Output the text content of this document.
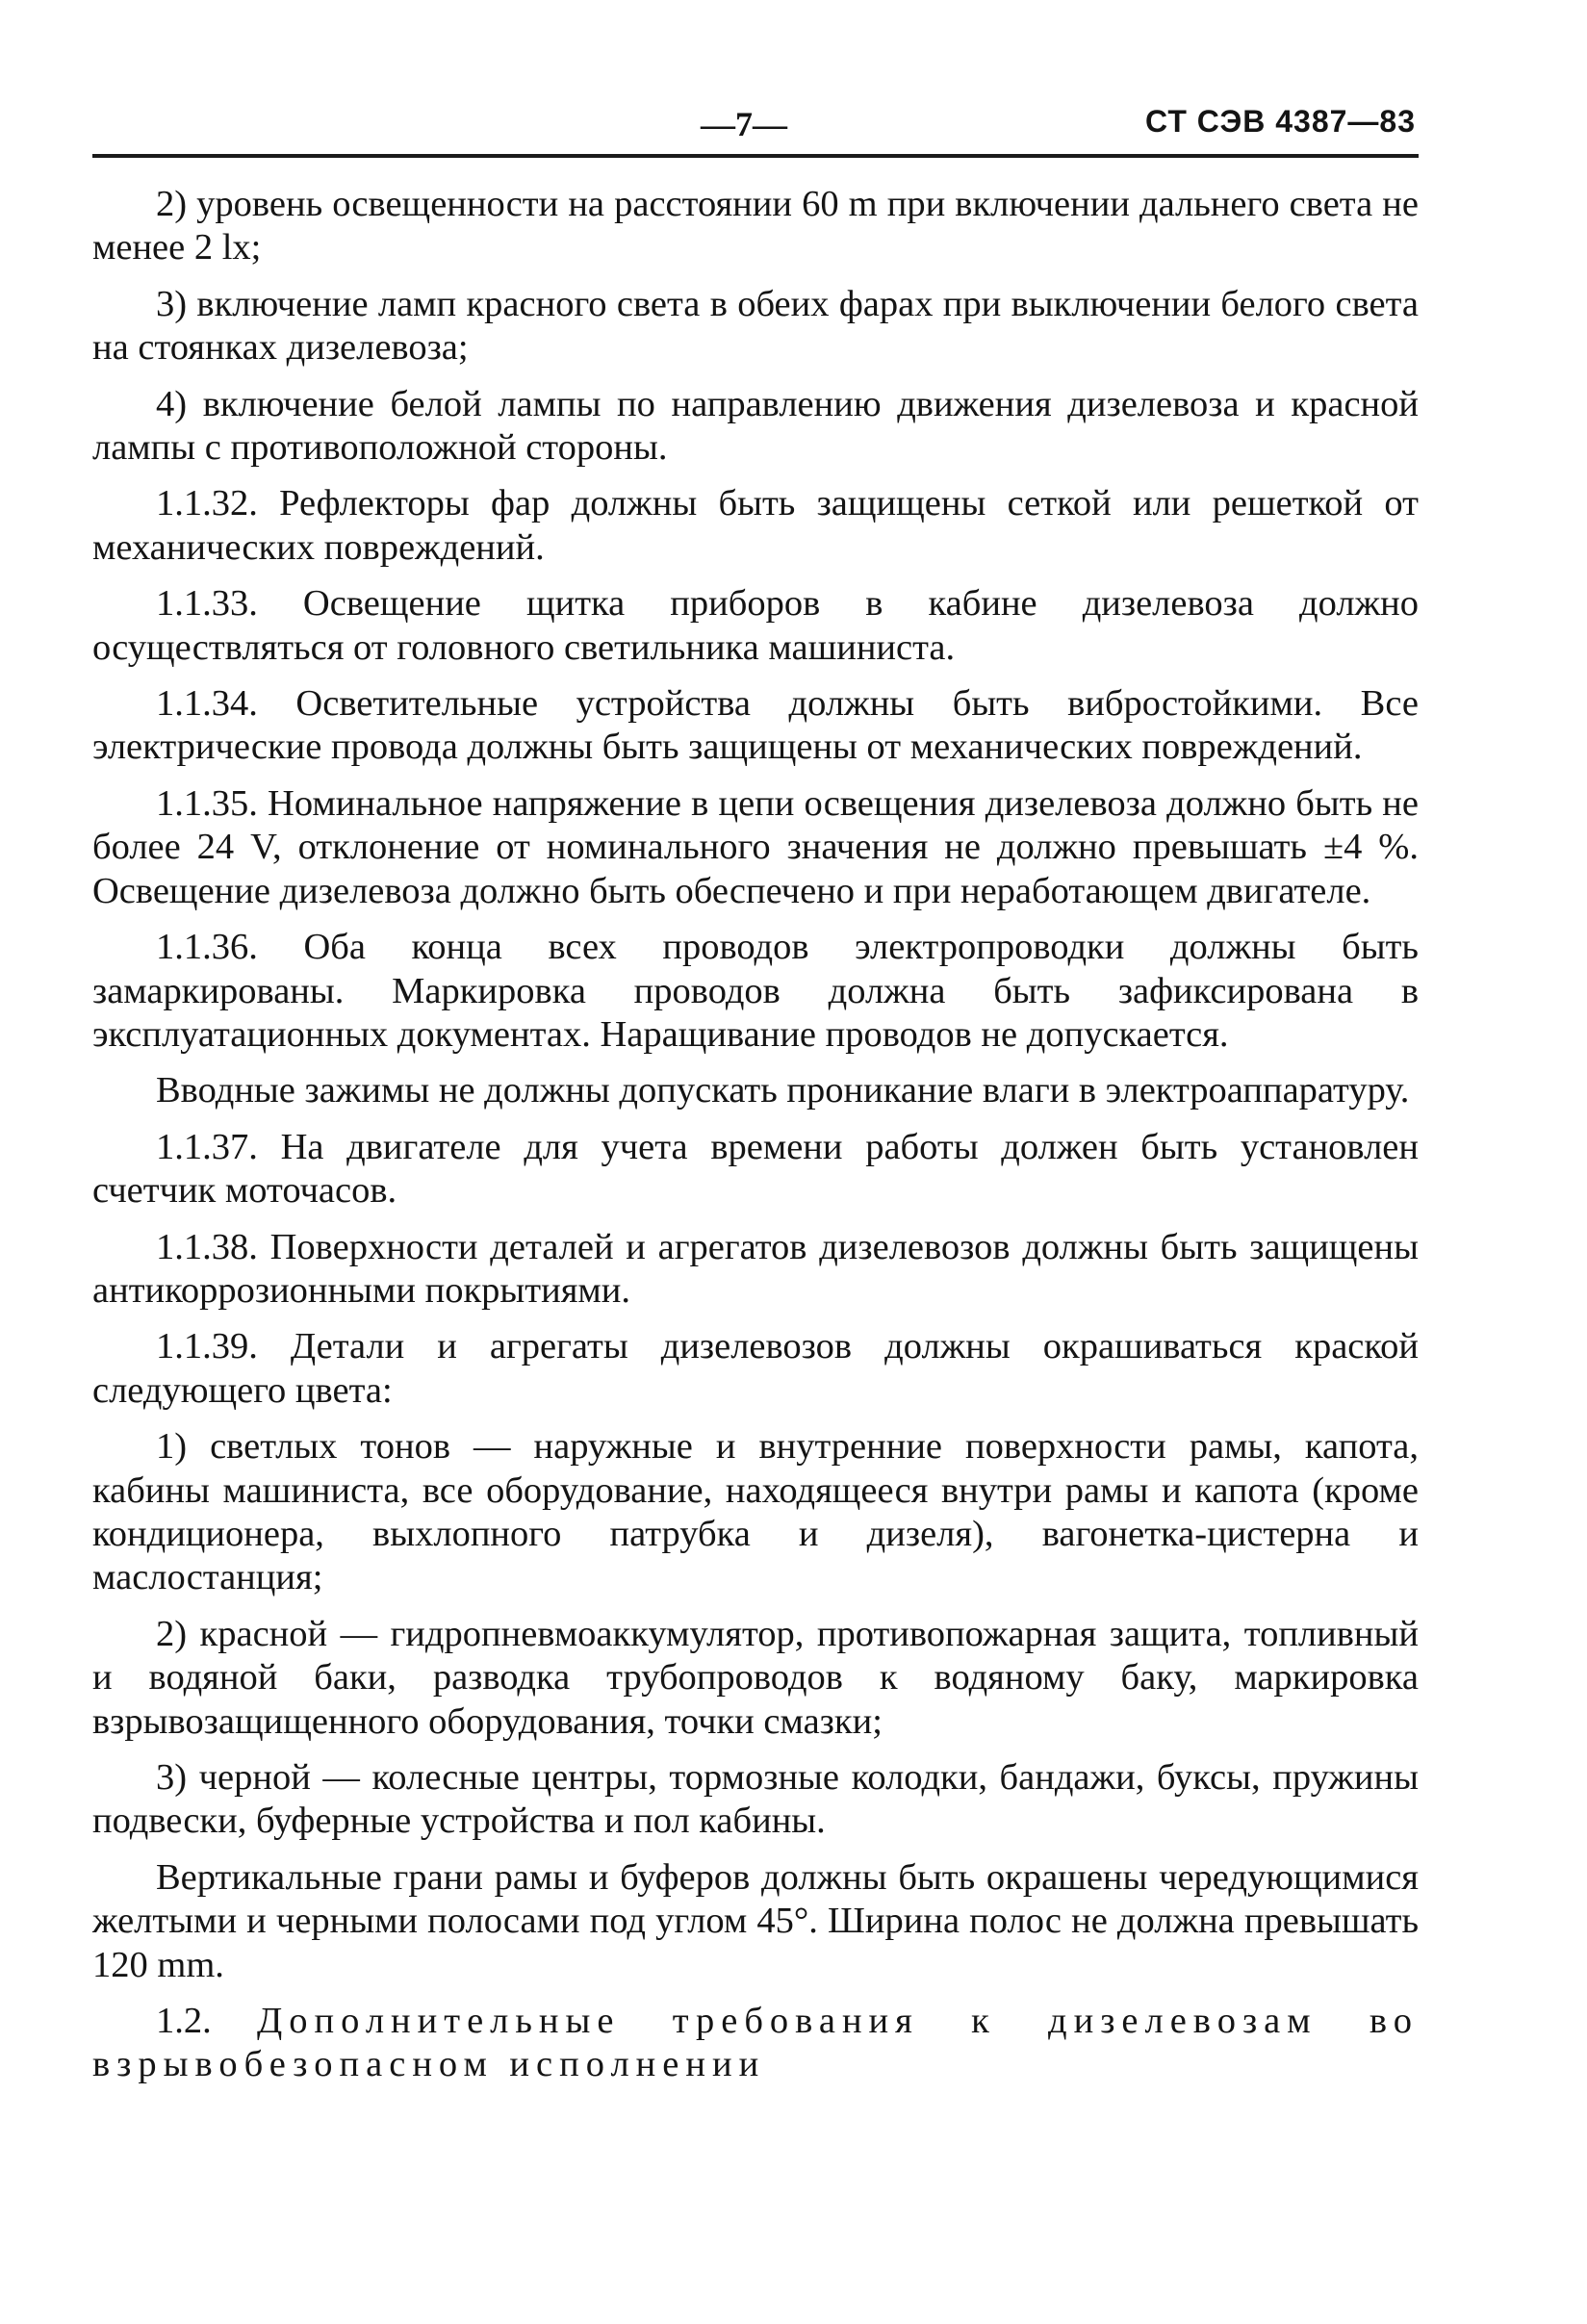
—7—	СТ СЭВ 4387—83

2) уровень освещенности на расстоянии 60 m при включении дальнего света не менее 2 lx;

3) включение ламп красного света в обеих фарах при выключении белого света на стоянках дизелевоза;

4) включение белой лампы по направлению движения дизелевоза и красной лампы с противоположной стороны.

1.1.32. Рефлекторы фар должны быть защищены сеткой или решеткой от механических повреждений.

1.1.33. Освещение щитка приборов в кабине дизелевоза должно осуществляться от головного светильника машиниста.

1.1.34. Осветительные устройства должны быть вибростойкими. Все электрические провода должны быть защищены от механических повреждений.

1.1.35. Номинальное напряжение в цепи освещения дизелевоза должно быть не более 24 V, отклонение от номинального значения не должно превышать ±4 %. Освещение дизелевоза должно быть обеспечено и при неработающем двигателе.

1.1.36. Оба конца всех проводов электропроводки должны быть замаркированы. Маркировка проводов должна быть зафиксирована в эксплуатационных документах. Наращивание проводов не допускается.

Вводные зажимы не должны допускать проникание влаги в электроаппаратуру.

1.1.37. На двигателе для учета времени работы должен быть установлен счетчик моточасов.

1.1.38. Поверхности деталей и агрегатов дизелевозов должны быть защищены антикоррозионными покрытиями.

1.1.39. Детали и агрегаты дизелевозов должны окрашиваться краской следующего цвета:

1) светлых тонов — наружные и внутренние поверхности рамы, капота, кабины машиниста, все оборудование, находящееся внутри рамы и капота (кроме кондиционера, выхлопного патрубка и дизеля), вагонетка-цистерна и маслостанция;

2) красной — гидропневмоаккумулятор, противопожарная защита, топливный и водяной баки, разводка трубопроводов к водяному баку, маркировка взрывозащищенного оборудования, точки смазки;

3) черной — колесные центры, тормозные колодки, бандажи, буксы, пружины подвески, буферные устройства и пол кабины.

Вертикальные грани рамы и буферов должны быть окрашены чередующимися желтыми и черными полосами под углом 45°. Ширина полос не должна превышать 120 mm.

1.2. Дополнительные требования к дизелевозам во взрывобезопасном исполнении
